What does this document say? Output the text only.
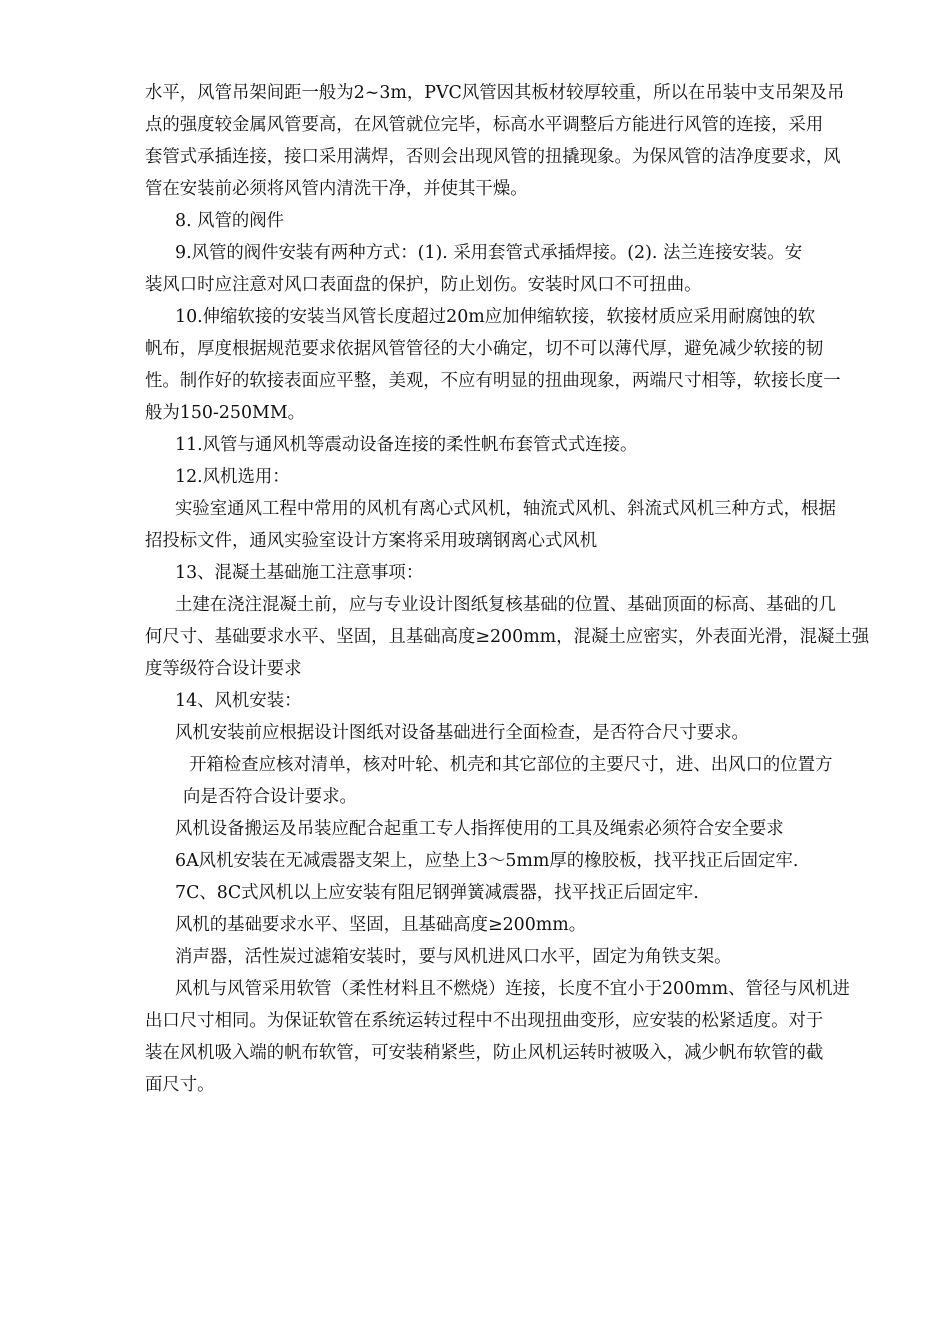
水平，风管吊架间距一般为2~3m，PVC风管因其板材较厚较重，所以在吊装中支吊架及吊

点的强度较金属风管要高，在风管就位完毕，标高水平调整后方能进行风管的连接，采用

套管式承插连接，接口采用满焊，否则会出现风管的扭撬现象。为保风管的洁净度要求，风

管在安装前必须将风管内清洗干净，并使其干燥。

8. 风管的阀件

9.风管的阀件安装有两种方式：(1). 采用套管式承插焊接。(2). 法兰连接安装。安

装风口时应注意对风口表面盘的保护，防止划伤。安装时风口不可扭曲。

10.伸缩软接的安装当风管长度超过20m应加伸缩软接，软接材质应采用耐腐蚀的软

帆布，厚度根据规范要求依据风管管径的大小确定，切不可以薄代厚，避免减少软接的韧

性。制作好的软接表面应平整，美观，不应有明显的扭曲现象，两端尺寸相等，软接长度一

般为150-250MM。

11.风管与通风机等震动设备连接的柔性帆布套管式式连接。

12.风机选用：

实验室通风工程中常用的风机有离心式风机，轴流式风机、斜流式风机三种方式，根据

招投标文件，通风实验室设计方案将采用玻璃钢离心式风机

13、混凝土基础施工注意事项：

土建在浇注混凝土前，应与专业设计图纸复核基础的位置、基础顶面的标高、基础的几

何尺寸、基础要求水平、坚固，且基础高度≥200mm，混凝土应密实，外表面光滑，混凝土强

度等级符合设计要求

14、风机安装：

风机安装前应根据设计图纸对设备基础进行全面检查，是否符合尺寸要求。

开箱检查应核对清单，核对叶轮、机壳和其它部位的主要尺寸，进、出风口的位置方

向是否符合设计要求。

风机设备搬运及吊装应配合起重工专人指挥使用的工具及绳索必须符合安全要求

6A风机安装在无减震器支架上，应垫上3～5mm厚的橡胶板，找平找正后固定牢.

7C、8C式风机以上应安装有阻尼钢弹簧减震器，找平找正后固定牢.

风机的基础要求水平、坚固，且基础高度≥200mm。

消声器，活性炭过滤箱安装时，要与风机进风口水平，固定为角铁支架。

风机与风管采用软管（柔性材料且不燃烧）连接，长度不宜小于200mm、管径与风机进

出口尺寸相同。为保证软管在系统运转过程中不出现扭曲变形，应安装的松紧适度。对于

装在风机吸入端的帆布软管，可安装稍紧些，防止风机运转时被吸入，减少帆布软管的截

面尺寸。
